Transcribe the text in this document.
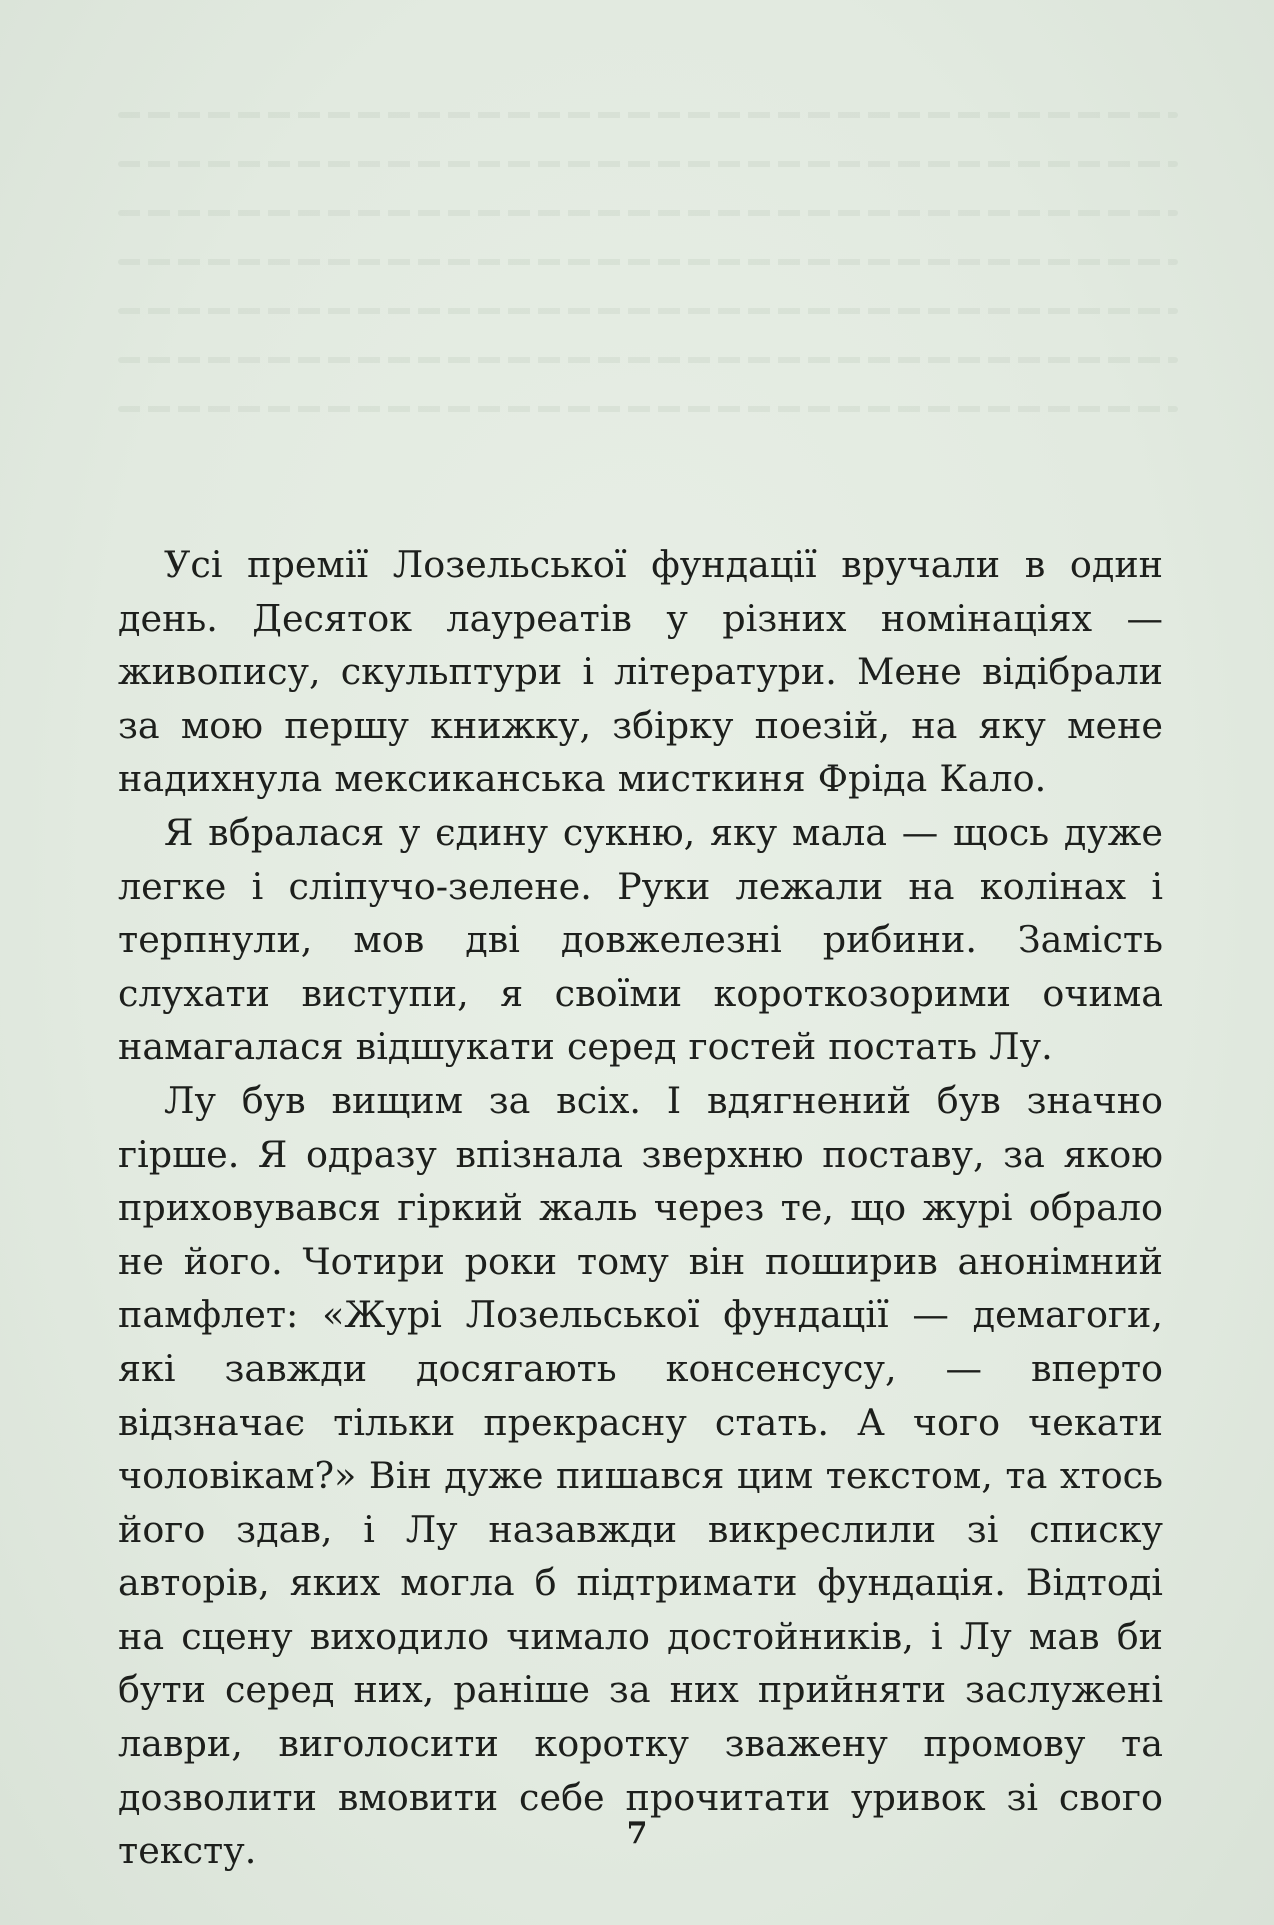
Усі премії Лозельської фундації вручали в один день. Десяток лауреатів у різних номінаціях — живопису, скульптури і літератури. Мене відібрали за мою першу книжку, збірку поезій, на яку мене надихнула мексиканська мисткиня Фріда Кало.

Я вбралася у єдину сукню, яку мала — щось дуже легке і сліпучо-зелене. Руки лежали на колінах і терпнули, мов дві довжелезні рибини. Замість слухати виступи, я своїми короткозорими очима намагалася відшукати серед гостей постать Лу.

Лу був вищим за всіх. І вдягнений був значно гірше. Я одразу впізнала зверхню поставу, за якою приховувався гіркий жаль через те, що журі обрало не його. Чотири роки тому він поширив анонімний памфлет: «Журі Лозельської фундації — демагоги, які завжди досягають консенсусу, — вперто відзначає тільки прекрасну стать. А чого чекати чоловікам?» Він дуже пишався цим текстом, та хтось його здав, і Лу назавжди викреслили зі списку авторів, яких могла б підтримати фундація. Відтоді на сцену виходило чимало достойників, і Лу мав би бути серед них, раніше за них прийняти заслужені лаври, виголосити коротку зважену промову та дозволити вмовити себе прочитати уривок зі свого тексту.	7
